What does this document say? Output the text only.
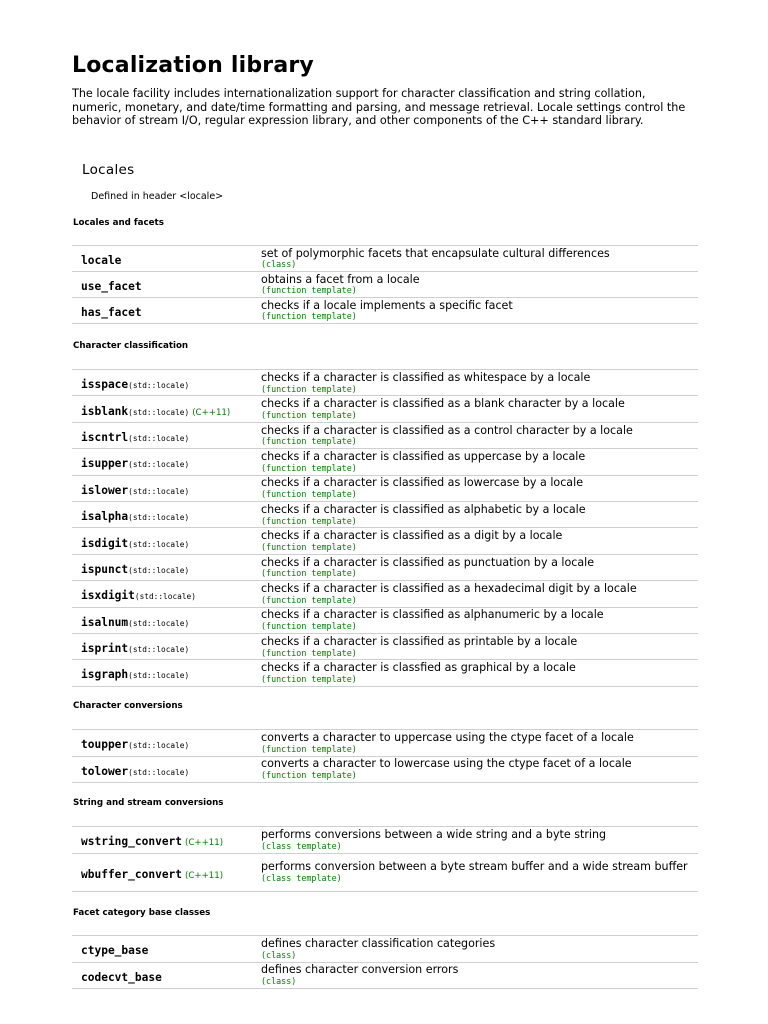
Localization library

The locale facility includes internationalization support for character classification and string collation, numeric, monetary, and date/time formatting and parsing, and message retrieval. Locale settings control the behavior of stream I/O, regular expression library, and other components of the C++ standard library.

Locales

Defined in header <locale>

Locales and facets

locale	set of polymorphic facets that encapsulate cultural differences
(class)

use_facet	obtains a facet from a locale
(function template)

has_facet	checks if a locale implements a specific facet
(function template)

Character classification

isspace(std::locale)	checks if a character is classified as whitespace by a locale
(function template)

isblank(std::locale) (C++11)	checks if a character is classified as a blank character by a locale
(function template)

iscntrl(std::locale)	checks if a character is classified as a control character by a locale
(function template)

isupper(std::locale)	checks if a character is classified as uppercase by a locale
(function template)

islower(std::locale)	checks if a character is classified as lowercase by a locale
(function template)

isalpha(std::locale)	checks if a character is classified as alphabetic by a locale
(function template)

isdigit(std::locale)	checks if a character is classified as a digit by a locale
(function template)

ispunct(std::locale)	checks if a character is classified as punctuation by a locale
(function template)

isxdigit(std::locale)	checks if a character is classified as a hexadecimal digit by a locale
(function template)

isalnum(std::locale)	checks if a character is classified as alphanumeric by a locale
(function template)

isprint(std::locale)	checks if a character is classified as printable by a locale
(function template)

isgraph(std::locale)	checks if a character is classfied as graphical by a locale
(function template)

Character conversions

toupper(std::locale)	converts a character to uppercase using the ctype facet of a locale
(function template)

tolower(std::locale)	converts a character to lowercase using the ctype facet of a locale
(function template)

String and stream conversions

wstring_convert (C++11)	performs conversions between a wide string and a byte string
(class template)

wbuffer_convert (C++11)	performs conversion between a byte stream buffer and a wide stream buffer
(class template)

Facet category base classes

ctype_base	defines character classification categories
(class)

codecvt_base	defines character conversion errors
(class)
